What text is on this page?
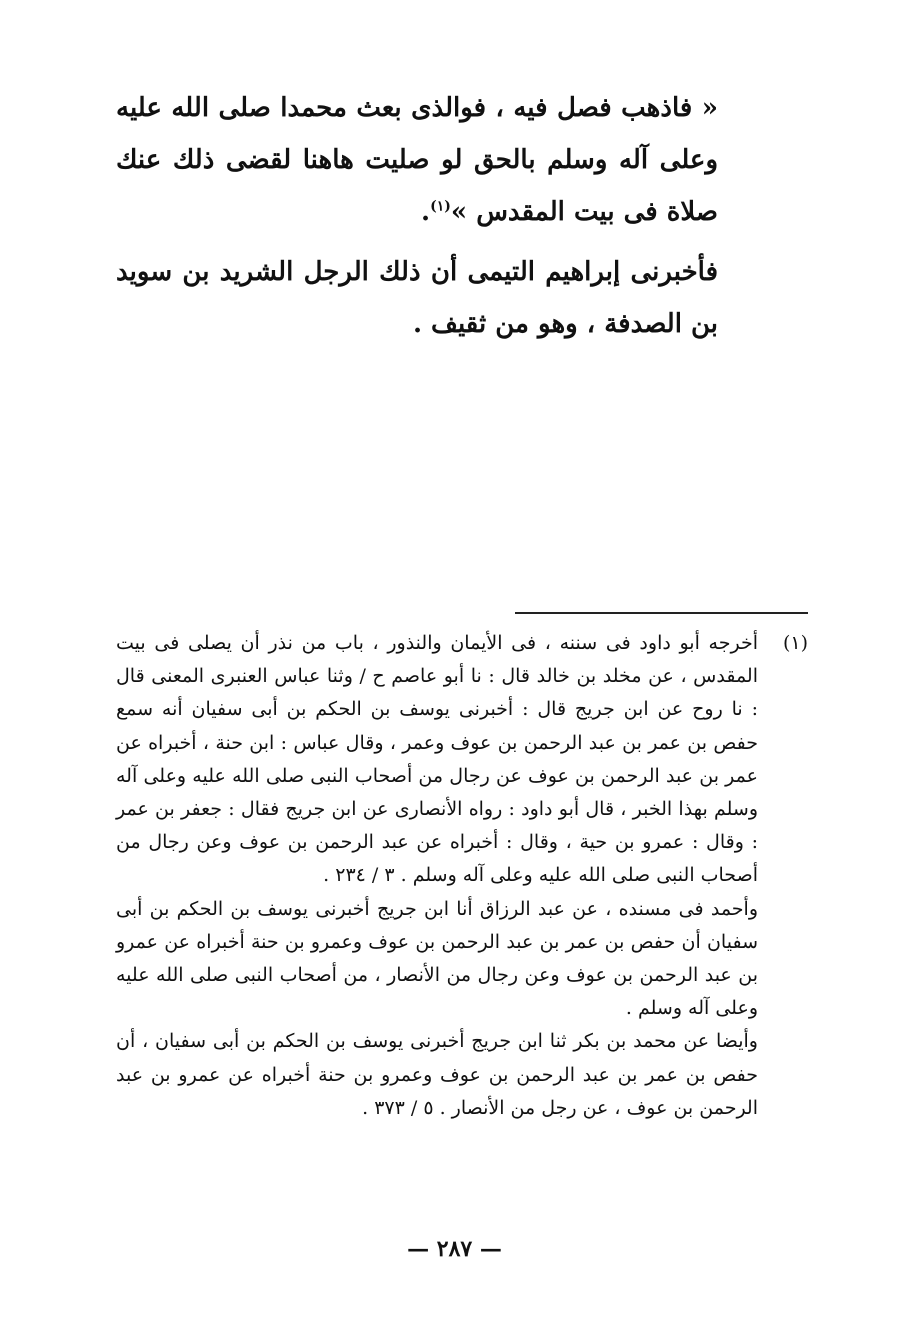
« فاذهب فصل فيه ، فوالذى بعث محمدا صلى الله عليه وعلى آله وسلم بالحق لو صليت هاهنا لقضى ذلك عنك صلاة فى بيت المقدس »$^{(١)}$.

فأخبرنى إبراهيم التيمى أن ذلك الرجل الشريد بن سويد بن الصدفة ، وهو من ثقيف .

(١)

أخرجه أبو داود فى سننه ، فى الأيمان والنذور ، باب من نذر أن يصلى فى بيت المقدس ، عن مخلد بن خالد قال : نا أبو عاصم ح / وثنا عباس العنبرى المعنى قال : نا روح عن ابن جريج قال : أخبرنى يوسف بن الحكم بن أبى سفيان أنه سمع حفص بن عمر بن عبد الرحمن بن عوف وعمر ، وقال عباس : ابن حنة ، أخبراه عن عمر بن عبد الرحمن بن عوف عن رجال من أصحاب النبى صلى الله عليه وعلى آله وسلم بهذا الخبر ، قال أبو داود : رواه الأنصارى عن ابن جريج فقال : جعفر بن عمر : وقال : عمرو بن حية ، وقال : أخبراه عن عبد الرحمن بن عوف وعن رجال من أصحاب النبى صلى الله عليه وعلى آله وسلم . ٣ / ٢٣٤ .

وأحمد فى مسنده ، عن عبد الرزاق أنا ابن جريج أخبرنى يوسف بن الحكم بن أبى سفيان أن حفص بن عمر بن عبد الرحمن بن عوف وعمرو بن حنة أخبراه عن عمرو بن عبد الرحمن بن عوف وعن رجال من الأنصار ، من أصحاب النبى صلى الله عليه وعلى آله وسلم .

وأيضا عن محمد بن بكر ثنا ابن جريج أخبرنى يوسف بن الحكم بن أبى سفيان ، أن حفص بن عمر بن عبد الرحمن بن عوف وعمرو بن حنة أخبراه عن عمرو بن عبد الرحمن بن عوف ، عن رجل من الأنصار . ٥ / ٣٧٣ .

— ٢٨٧ —
